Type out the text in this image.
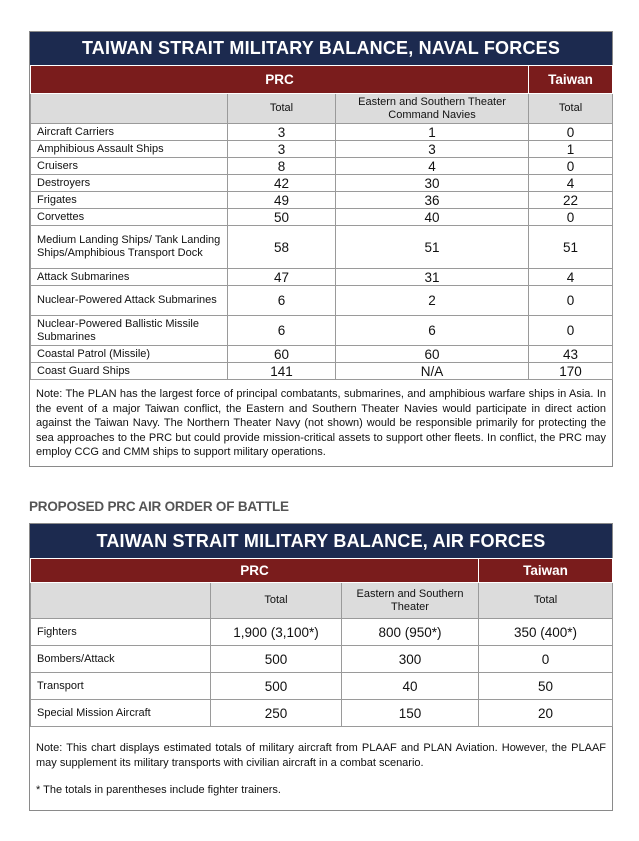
TAIWAN STRAIT MILITARY BALANCE, NAVAL FORCES
PRC			Taiwan
	Total	Eastern and Southern Theater Command Navies	Total
Aircraft Carriers	3	1	0
Amphibious Assault Ships	3	3	1
Cruisers	8	4	0
Destroyers	42	30	4
Frigates	49	36	22
Corvettes	50	40	0
Medium Landing Ships/ Tank Landing Ships/Amphibious Transport Dock	58	51	51
Attack Submarines	47	31	4
Nuclear-Powered Attack Submarines	6	2	0
Nuclear-Powered Ballistic Missile Submarines	6	6	0
Coastal Patrol (Missile)	60	60	43
Coast Guard Ships	141	N/A	170
Note: The PLAN has the largest force of principal combatants, submarines, and amphibious warfare ships in Asia. In the event of a major Taiwan conflict, the Eastern and Southern Theater Navies would participate in direct action against the Taiwan Navy. The Northern Theater Navy (not shown) would be responsible primarily for protecting the sea approaches to the PRC but could provide mission-critical assets to support other fleets. In conflict, the PRC may employ CCG and CMM ships to support military operations.
PROPOSED PRC AIR ORDER OF BATTLE
TAIWAN STRAIT MILITARY BALANCE, AIR FORCES
PRC			Taiwan
	Total	Eastern and Southern Theater	Total
Fighters	1,900 (3,100*)	800 (950*)	350 (400*)
Bombers/Attack	500	300	0
Transport	500	40	50
Special Mission Aircraft	250	150	20
Note: This chart displays estimated totals of military aircraft from PLAAF and PLAN Aviation. However, the PLAAF may supplement its military transports with civilian aircraft in a combat scenario.
* The totals in parentheses include fighter trainers.
